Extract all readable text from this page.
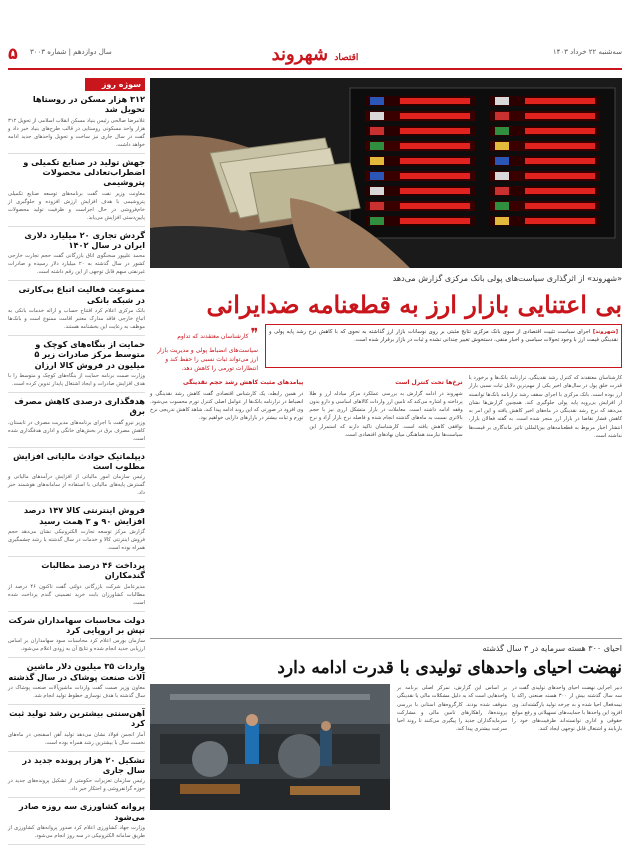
سه‌شنبه ۲۲ خرداد ۱۴۰۳
اقتصاد شهروند
سال دوازدهم | شماره ۳۰۰۳
۵
سوژه روز
۳۱۲ هزار مسکن در روستاها تحویل شد
غلامرضا صالحی رئیس بنیاد مسکن انقلاب اسلامی از تحویل ۳۱۲ هزار واحد مسکونی روستایی در قالب طرح‌های بنیاد خبر داد و گفت در سال جاری نیز ساخت و تحویل واحدهای جدید ادامه خواهد داشت.
جهش تولید در صنایع تکمیلی و اضطراب‌تعادلی محصولات پتروشیمی
معاونت وزیر نفت گفت برنامه‌های توسعه صنایع تکمیلی پتروشیمی با هدف افزایش ارزش افزوده و جلوگیری از خام‌فروشی در حال اجراست و ظرفیت تولید محصولات پایین‌دستی افزایش می‌یابد.
گردش تجاری ۲۰ میلیارد دلاری ایران در سال ۱۴۰۲
محمد علیپور سخنگوی اتاق بازرگانی گفت حجم تجارت خارجی کشور در سال گذشته به ۲۰ میلیارد دلار رسیده و صادرات غیرنفتی سهم قابل توجهی از این رقم داشته است.
ممنوعیت فعالیت اتباع بی‌کارتی در شبکه بانکی
بانک مرکزی اعلام کرد افتتاح حساب و ارائه خدمات بانکی به اتباع خارجی فاقد مدارک معتبر اقامت ممنوع است و بانک‌ها موظف به رعایت این بخشنامه هستند.
حمایت از بنگاه‌های کوچک و متوسط مرکز صادرات زیر ۵ میلیون در فروش کالا ارزان
وزارت صمت برنامه حمایت از بنگاه‌های کوچک و متوسط را با هدف افزایش صادرات و ایجاد اشتغال پایدار تدوین کرده است.
هدفگذاری درصدی کاهش مصرف برق
وزیر نیرو گفت با اجرای برنامه‌های مدیریت مصرف در تابستان، کاهش مصرف برق در بخش‌های خانگی و اداری هدفگذاری شده است.
دیپلماتیک حوادث مالیاتی افزایش مطلوب است
رئیس سازمان امور مالیاتی از افزایش درآمدهای مالیاتی و گسترش پایه‌های مالیاتی با استفاده از سامانه‌های هوشمند خبر داد.
فروش اینترنتی کالا ۱۴۷ درصد افزایش ۹۰ و ۳ همت رسید
گزارش مرکز توسعه تجارت الکترونیکی نشان می‌دهد حجم فروش اینترنتی کالا و خدمات در سال گذشته با رشد چشمگیری همراه بوده است.
پرداخت ۴۶ درصد مطالبات گندمکاران
مدیرعامل شرکت بازرگانی دولتی گفت تاکنون ۴۶ درصد از مطالبات کشاورزان بابت خرید تضمینی گندم پرداخت شده است.
دولت محاسبات سهامداران شرکت تپش بر اروپایی کرد
سازمان بورس اعلام کرد محاسبات سود سهامداران بر اساس ارزیابی جدید انجام شده و نتایج آن به زودی اعلام می‌شود.
واردات ۳۵ میلیون دلار ماشین آلات صنعت پوشاک در سال گذشته
معاون وزیر صمت گفت واردات ماشین‌آلات صنعت پوشاک در سال گذشته با هدف نوسازی خطوط تولید انجام شد.
آهن‌سنتی بیشترین رشد تولید ثبت کرد
آمار انجمن فولاد نشان می‌دهد تولید آهن اسفنجی در ماه‌های نخست سال با بیشترین رشد همراه بوده است.
تشکیل ۲۰ هزار پرونده جدید در سال جاری
رئیس سازمان تعزیرات حکومتی از تشکیل پرونده‌های جدید در حوزه گرانفروشی و احتکار خبر داد.
پروانه کشاورزی سه روزه صادر می‌شود
وزارت جهاد کشاورزی اعلام کرد صدور پروانه‌های کشاورزی از طریق سامانه الکترونیکی در سه روز انجام می‌شود.
«شهروند» از اثرگذاری سیاست‌های پولی بانک مرکزی گزارش می‌دهد
بی اعتنایی بازار ارز به قطعنامه ضدایرانی
[شهروند] اجرای سیاست تثبیت اقتصادی از سوی بانک مرکزی نتایج مثبتی بر روی نوسانات بازار ارز گذاشته به نحوی که با کاهش نرخ رشد پایه پولی و نقدینگی قیمت ارز با وجود تحولات سیاسی و اخبار منفی، دستخوش تغییر چندانی نشده و ثبات در بازار برقرار شده است.
❞ کارشناسان معتقدند که تداوم سیاست‌های انضباط پولی و مدیریت بازار ارز می‌تواند ثبات نسبی را حفظ کند و انتظارات تورمی را کاهش دهد.

کارشناسان معتقدند که کنترل رشد نقدینگی، ترازنامه بانک‌ها و برخورد با قدرت خلق پول در سال‌های اخیر یکی از مهم‌ترین دلایل ثبات نسبی بازار ارز بوده است. بانک مرکزی با اجرای سقف رشد ترازنامه بانک‌ها توانسته از افزایش بی‌رویه پایه پولی جلوگیری کند. همچنین گزارش‌ها نشان می‌دهد که نرخ رشد نقدینگی در ماه‌های اخیر کاهش یافته و این امر به کاهش فشار تقاضا در بازار ارز منجر شده است. به گفته فعالان بازار، انتشار اخبار مربوط به قطعنامه‌های بین‌المللی تاثیر ماندگاری بر قیمت‌ها نداشته است.

نرخ‌ها تحت کنترل است

شهروند در ادامه گزارش به بررسی عملکرد مرکز مبادله ارز و طلا پرداخته و اشاره می‌کند که تامین ارز واردات کالاهای اساسی و دارو بدون وقفه ادامه داشته است. معاملات در بازار متشکل ارزی نیز با حجم بالاتری نسبت به ماه‌های گذشته انجام شده و فاصله نرخ بازار آزاد و نرخ توافقی کاهش یافته است. کارشناسان تاکید دارند که استمرار این سیاست‌ها نیازمند هماهنگی میان نهادهای اقتصادی است.

پیامدهای مثبت کاهش رشد حجم نقدینگی

در همین رابطه، یک کارشناس اقتصادی گفت کاهش رشد نقدینگی و انضباط در ترازنامه بانک‌ها از عوامل اصلی کنترل تورم محسوب می‌شود. وی افزود در صورتی که این روند ادامه پیدا کند، شاهد کاهش تدریجی نرخ تورم و ثبات بیشتر در بازارهای دارایی خواهیم بود.

احیای ۳۰۰ هسته سرمایه در ۳ سال گذشته
نهضت احیای واحدهای تولیدی با قدرت ادامه دارد

دبیر اجرایی نهضت احیای واحدهای تولیدی گفت در سه سال گذشته بیش از ۳۰۰ هسته صنعتی راکد یا نیمه‌فعال احیا شده و به چرخه تولید بازگشته‌اند. وی افزود این واحدها با حمایت‌های تسهیلاتی و رفع موانع حقوقی و اداری توانسته‌اند ظرفیت‌های خود را بازیابند و اشتغال قابل توجهی ایجاد کنند.

بر اساس این گزارش، تمرکز اصلی برنامه بر واحدهایی است که به دلیل مشکلات مالی یا نقدینگی متوقف شده بودند. کارگروه‌های استانی با بررسی پرونده‌ها، راهکارهای تامین مالی و مشارکت سرمایه‌گذاران جدید را پیگیری می‌کنند تا روند احیا سرعت بیشتری پیدا کند.
